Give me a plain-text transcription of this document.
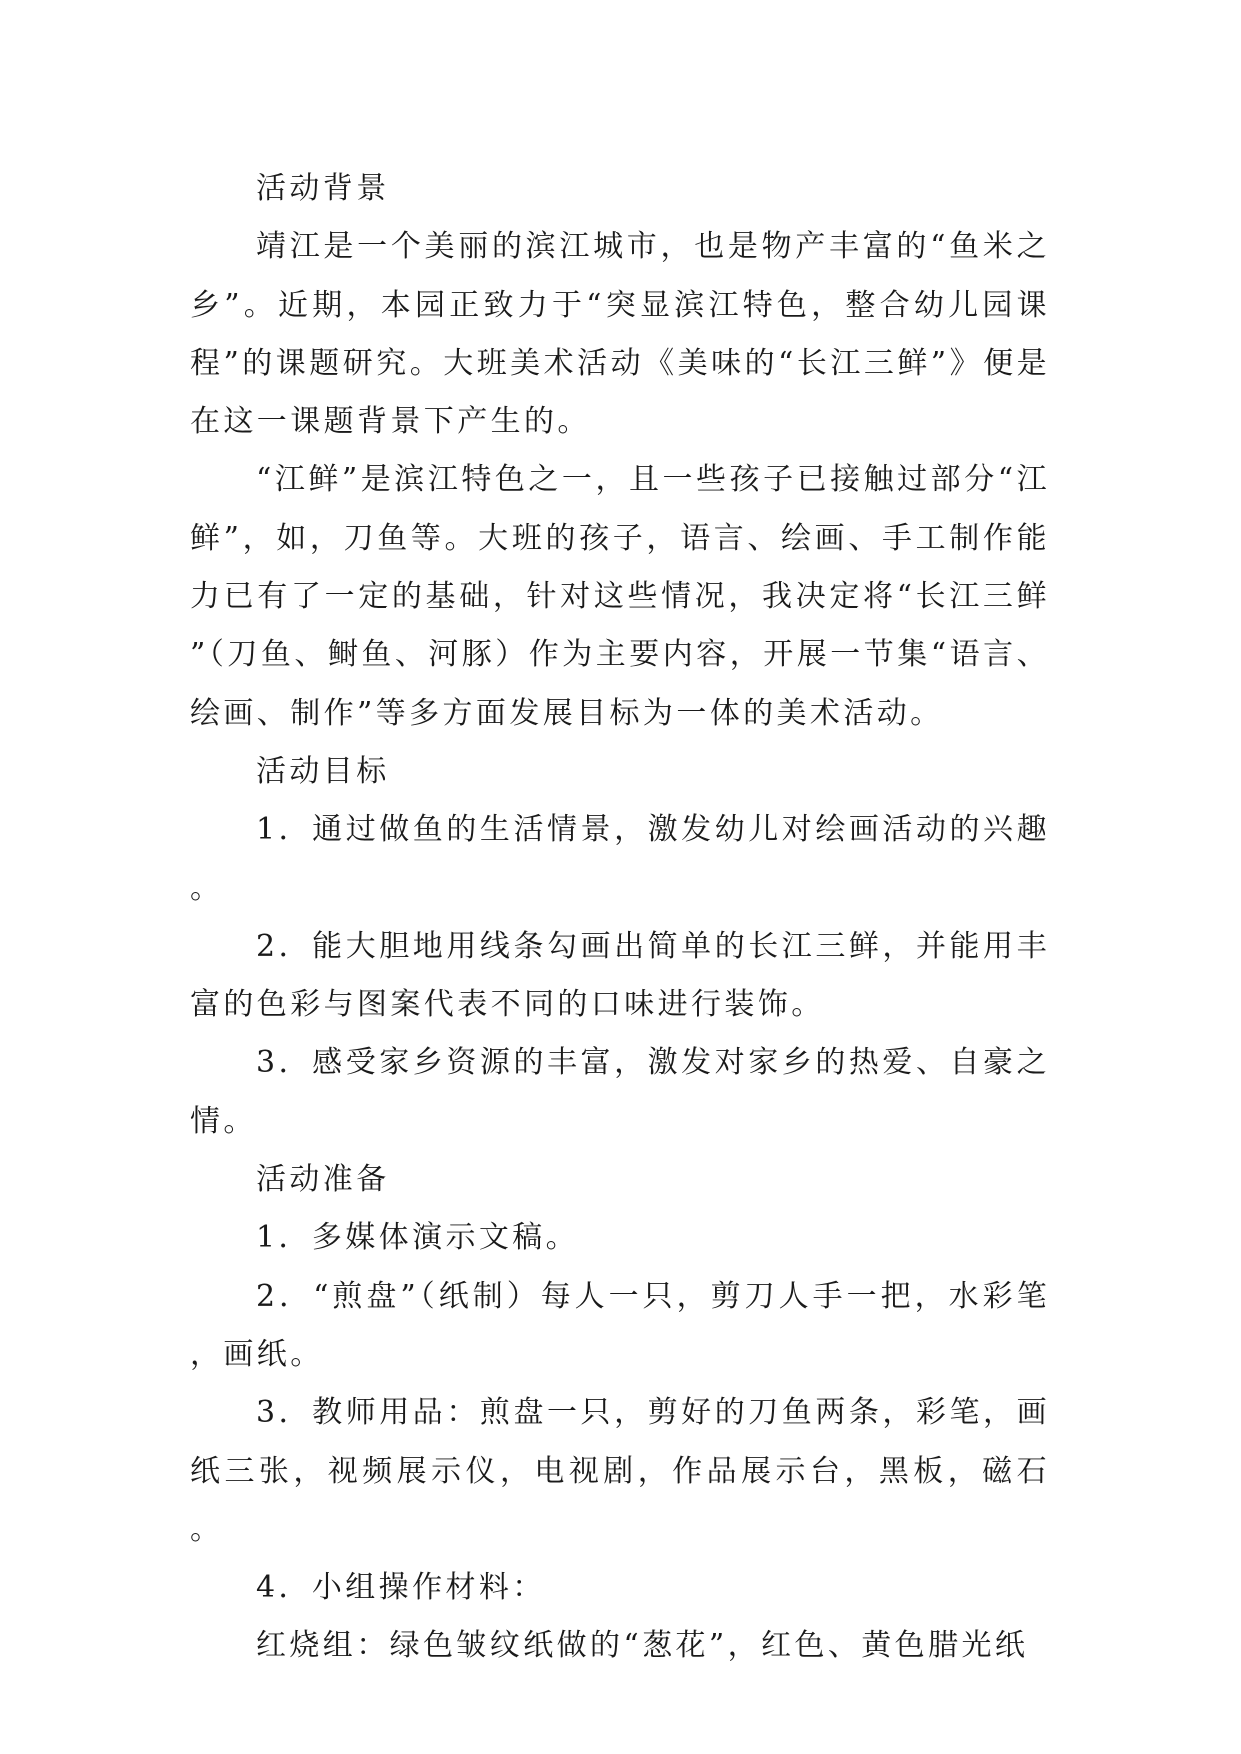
活动背景

靖江是一个美丽的滨江城市，也是物产丰富的“鱼米之乡”。近期，本园正致力于“突显滨江特色，整合幼儿园课程”的课题研究。大班美术活动《美味的“长江三鲜”》便是在这一课题背景下产生的。

“江鲜”是滨江特色之一，且一些孩子已接触过部分“江鲜”，如，刀鱼等。大班的孩子，语言、绘画、手工制作能力已有了一定的基础，针对这些情况，我决定将“长江三鲜”（刀鱼、鲥鱼、河豚）作为主要内容，开展一节集“语言、绘画、制作”等多方面发展目标为一体的美术活动。

活动目标

1．通过做鱼的生活情景，激发幼儿对绘画活动的兴趣。

2．能大胆地用线条勾画出简单的长江三鲜，并能用丰富的色彩与图案代表不同的口味进行装饰。

3．感受家乡资源的丰富，激发对家乡的热爱、自豪之情。

活动准备

1．多媒体演示文稿。

2．“煎盘”（纸制）每人一只，剪刀人手一把，水彩笔，画纸。

3．教师用品：煎盘一只，剪好的刀鱼两条，彩笔，画纸三张，视频展示仪，电视剧，作品展示台，黑板，磁石。

4．小组操作材料：

红烧组：绿色皱纹纸做的“葱花”，红色、黄色腊光纸
